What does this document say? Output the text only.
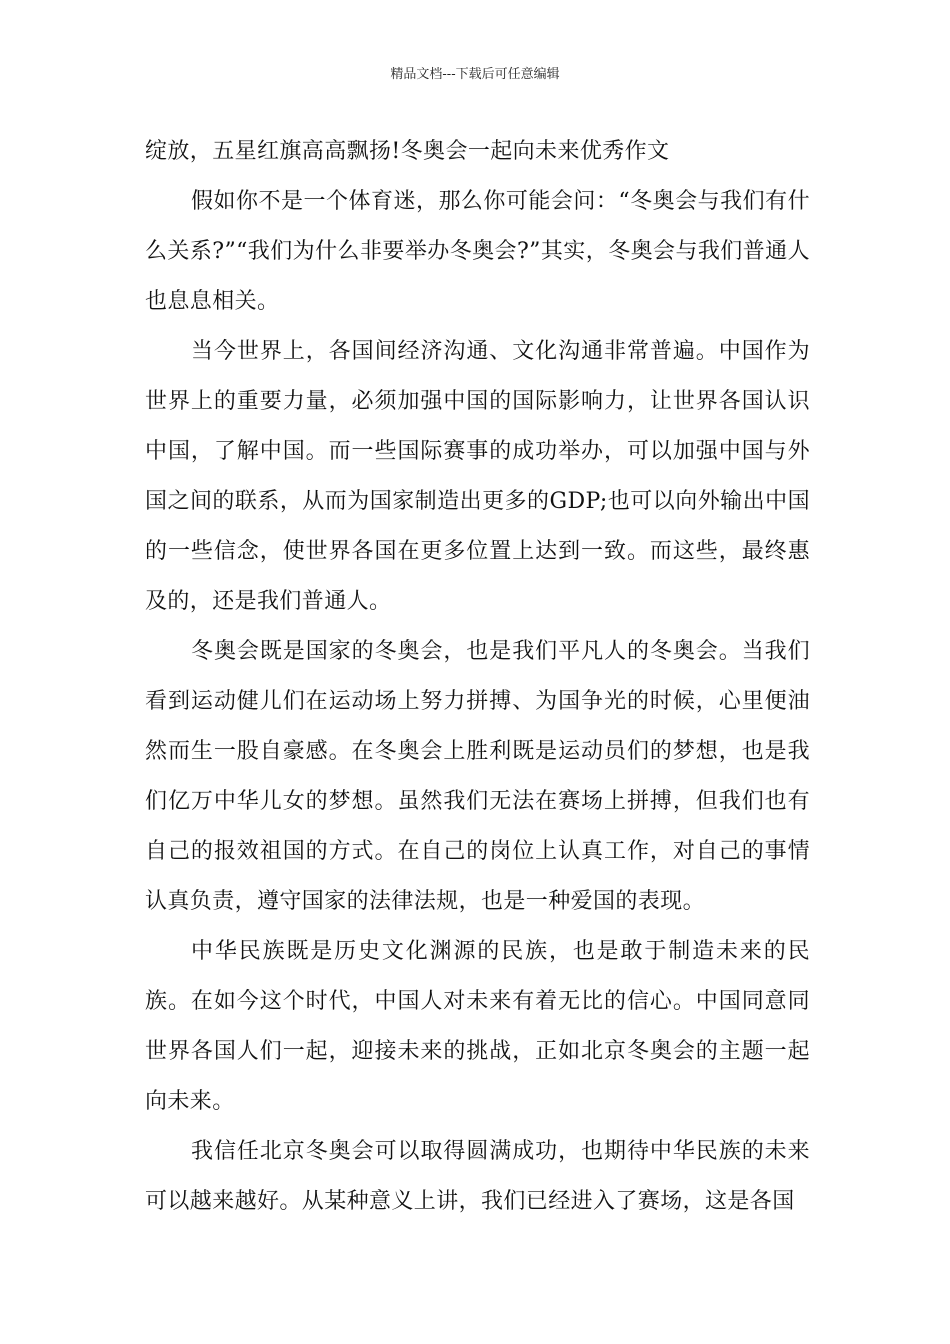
精品文档---下载后可任意编辑

绽放，五星红旗高高飘扬!冬奥会一起向未来优秀作文

假如你不是一个体育迷，那么你可能会问：“冬奥会与我们有什么关系?”“我们为什么非要举办冬奥会?”其实，冬奥会与我们普通人也息息相关。

当今世界上，各国间经济沟通、文化沟通非常普遍。中国作为世界上的重要力量，必须加强中国的国际影响力，让世界各国认识中国，了解中国。而一些国际赛事的成功举办，可以加强中国与外国之间的联系，从而为国家制造出更多的GDP;也可以向外输出中国的一些信念，使世界各国在更多位置上达到一致。而这些，最终惠及的，还是我们普通人。

冬奥会既是国家的冬奥会，也是我们平凡人的冬奥会。当我们看到运动健儿们在运动场上努力拼搏、为国争光的时候，心里便油然而生一股自豪感。在冬奥会上胜利既是运动员们的梦想，也是我们亿万中华儿女的梦想。虽然我们无法在赛场上拼搏，但我们也有自己的报效祖国的方式。在自己的岗位上认真工作，对自己的事情认真负责，遵守国家的法律法规，也是一种爱国的表现。

中华民族既是历史文化渊源的民族，也是敢于制造未来的民族。在如今这个时代，中国人对未来有着无比的信心。中国同意同世界各国人们一起，迎接未来的挑战，正如北京冬奥会的主题一起向未来。

我信任北京冬奥会可以取得圆满成功，也期待中华民族的未来可以越来越好。从某种意义上讲，我们已经进入了赛场，这是各国
